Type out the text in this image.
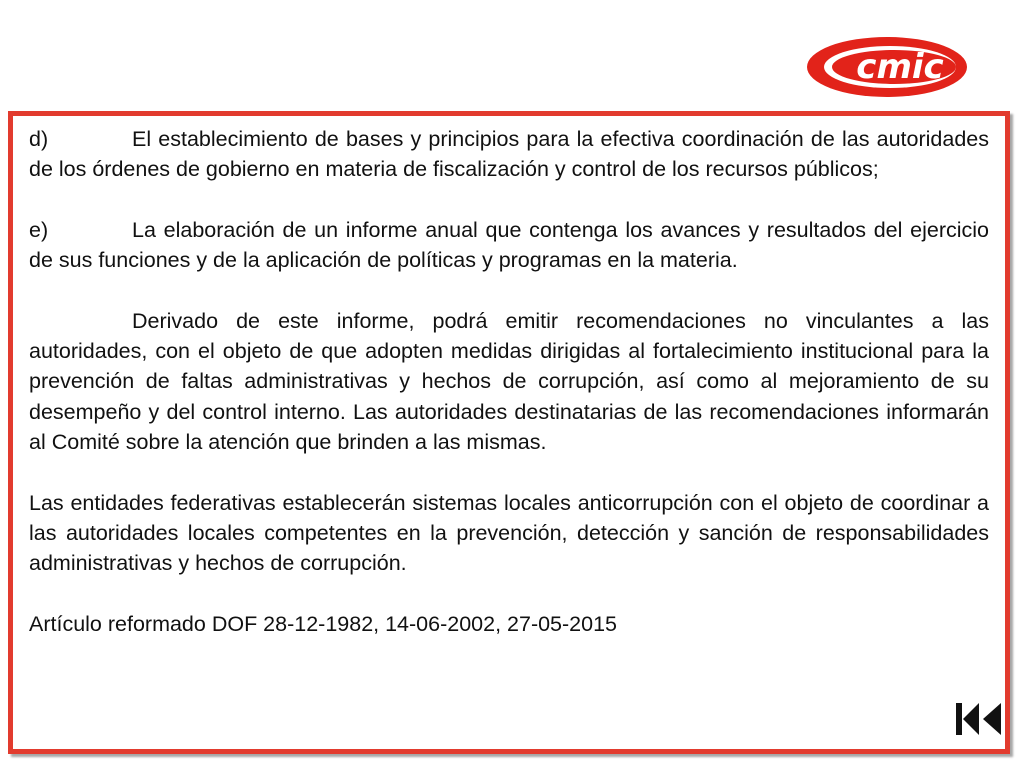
cmic

d)	El establecimiento de bases y principios para la efectiva coordinación de las autoridades de los órdenes de gobierno en materia de fiscalización y control de los recursos públicos;

e)	La elaboración de un informe anual que contenga los avances y resultados del ejercicio de sus funciones y de la aplicación de políticas y programas en la materia.

Derivado de este informe, podrá emitir recomendaciones no vinculantes a las autoridades, con el objeto de que adopten medidas dirigidas al fortalecimiento institucional para la prevención de faltas administrativas y hechos de corrupción, así como al mejoramiento de su desempeño y del control interno. Las autoridades destinatarias de las recomendaciones informarán al Comité sobre la atención que brinden a las mismas.

Las entidades federativas establecerán sistemas locales anticorrupción con el objeto de coordinar a las autoridades locales competentes en la prevención, detección y sanción de responsabilidades administrativas y hechos de corrupción.

Artículo reformado DOF 28-12-1982, 14-06-2002, 27-05-2015
